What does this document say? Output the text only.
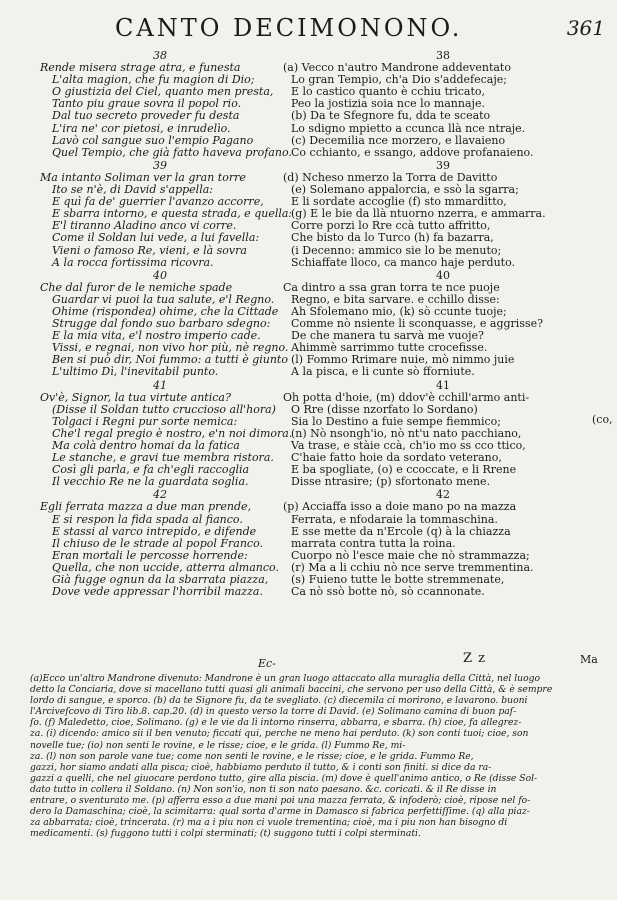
CANTO DECIMONONO.	361
38
Rende misera strage atra, e funesta
L'alta magion, che fu magion di Dio;
O giustizia del Ciel, quanto men presta,
Tanto piu graue sovra il popol rio.
Dal tuo secreto proveder fu desta
L'ira ne' cor pietosi, e inrudelìo.
Lavò col sangue suo l'empio Pagano
Quel Tempio, che già fatto haveva profano.
39
Ma intanto Soliman ver la gran torre
Ito se n'è, di David s'appella:
E quì fa de' guerrier l'avanzo accorre,
E sbarra intorno, e questa strada, e quella:
E'l tiranno Aladino anco vi corre.
Come il Soldan lui vede, a lui favella:
Vieni o famoso Re, vieni, e là sovra
A la rocca fortissima ricovra.
40
Che dal furor de le nemiche spade
Guardar vi puoi la tua salute, e'l Regno.
Ohime (rispondea) ohime, che la Cittade
Strugge dal fondo suo barbaro sdegno:
E la mia vita, e'l nostro imperio cade.
Vissi, e regnai, non vivo hor più, nè regno.
Ben si può dir, Noi fummo: a tutti è giunto
L'ultimo Dì, l'inevitabil punto.
41
Ov'è, Signor, la tua virtute antica?
(Disse il Soldan tutto cruccioso all'hora)
Tolgaci i Regni pur sorte nemica:
Che'l regal pregio è nostro, e'n noi dimora.
Ma colà dentro homai da la fatica
Le stanche, e gravi tue membra ristora.
Così gli parla, e fa ch'egli raccoglia
Il vecchio Re ne la guardata soglia.
42
Egli ferrata mazza a due man prende,
E si respon la fida spada al fianco.
E stassi al varco intrepido, e difende
Il chiuso de le strade al popol Franco.
Eran mortali le percosse horrende:
Quella, che non uccide, atterra almanco.
Già fugge ognun da la sbarrata piazza,
Dove vede appressar l'horribil mazza.
38
(a) Vecco n'autro Mandrone addeventato
Lo gran Tempio, ch'a Dio s'addefecaje;
E lo castico quanto è cchiu tricato,
Peo la jostizia soia nce lo mannaje.
(b) Da te Sfegnore fu, dda te sceato
Lo sdigno mpietto a ccunca llà nce ntraje.
(c) Decemilia nce morzero, e llavaieno
Co cchianto, e ssango, addove profanaieno.
39
(d) Ncheso nmerzo la Torra de Davitto
(e) Solemano appalorcia, e ssò la sgarra;
E li sordate accoglie (f) sto mmarditto,
(g) E le bie da llà ntuorno nzerra, e ammarra.
Corre porzi lo Rre ccà tutto affritto,
Che bisto da lo Turco (h) fa bazarra,
(i Decenno: ammico sie lo be menuto;
Schiaffate lloco, ca manco haje perduto.
40
Ca dintro a ssa gran torra te nce puoje
Regno, e bita sarvare. e cchillo disse:
Ah Sfolemano mio, (k) sò ccunte tuoje;
Comme nò nsiente li sconquasse, e aggrisse?
De che manera tu sarvà me vuoje?
Ahimmè sarrimmo tutte crocefisse.
(l) Fommo Rrimare nuie, mò nimmo juie
A la pisca, e li cunte sò fforniute.
41
Oh potta d'hoie, (m) ddov'è cchill'armo anti-
O Rre (disse nzorfato lo Sordano)
Sia lo Destino a fuie sempe fiemmico;
(n) Nò nsongh'io, nò nt'u nato pacchiano,
Va trase, e stàie ccà, ch'io mo ss cco ttico,
C'haie fatto hoie da sordato veterano,
E ba spogliate, (o) e ccoccate, e li Rrene
Disse ntrasire; (p) sfortonato mene.
42
(p) Acciaffa isso a doie mano po na mazza
Ferrata, e nfodaraie la tommaschina.
E sse mette da n'Ercole (q) à la chiazza
marrata contra tutta la roina.
Cuorpo nò l'esce maie che nò strammazza;
(r) Ma a li cchiu nò nce serve tremmentina.
(s) Fuieno tutte le botte stremmenate,
Ca nò ssò botte nò, sò ccannonate.
(co,
Ec-	Z z	Ma
(a)Ecco un'altro Mandrone divenuto: Mandrone è un gran luogo attaccato alla muraglia della Città, nel luogo
detto la Conciaria, dove si macellano tutti quasi gli animali baccini, che servono per uso della Città, & è sempre
lordo di sangue, e sporco. (b) da te Signore fu, da te svegliato. (c) diecemila ci morirono, e lavarono. buoni
l'Arciveſcovo di Tiro lib.8. cap.20. (d) in questo verso la torre di David. (e) Solimano camina di buon paſ-
ſo. (f) Maledetto, cioe, Solimano. (g) e le vie da lì intorno rinserra, abbarra, e sbarra. (h) cioe, fa allegrez-
za. (i) dicendo: amico sii il ben venuto; ficcati qui, perche ne meno hai perduto. (k) son conti tuoi; cioe, son
novelle tue; (io) non senti le rovine, e le risse; cioe, e le grida. (l) Fummo Re, mi-
za. (l) non son parole vane tue; come non senti le rovine, e le risse; cioe, e le grida. Fummo Re,
gazzi, hor siamo andati alla pisca; cioè, habbiamo perduto il tutto, & i conti son finiti. si dice da ra-
gazzi a quelli, che nel giuocare perdono tutto, gire alla piscia. (m) dove è quell'animo antico, o Re (disse Sol-
dato tutto in collera il Soldano. (n) Non son'io, non ti son nato paesano. &c. coricati. & il Re disse in
entrare, o sventurato me. (p) afferra esso a due mani poi una mazza ferrata, & infoderò; cioè, ripose nel fo-
dero la Damaschina; cioè, la scimitarra: qual sorta d'arme in Damasco si fabrica perfettiſſime. (q) alla piaz-
za abbarrata; cioè, trincerata. (r) ma a i piu non ci vuole trementina; cioè, ma i piu non han bisogno di
medicamenti. (s) fuggono tutti i colpi sterminati; (t) suggono tutti i colpi sterminati.
